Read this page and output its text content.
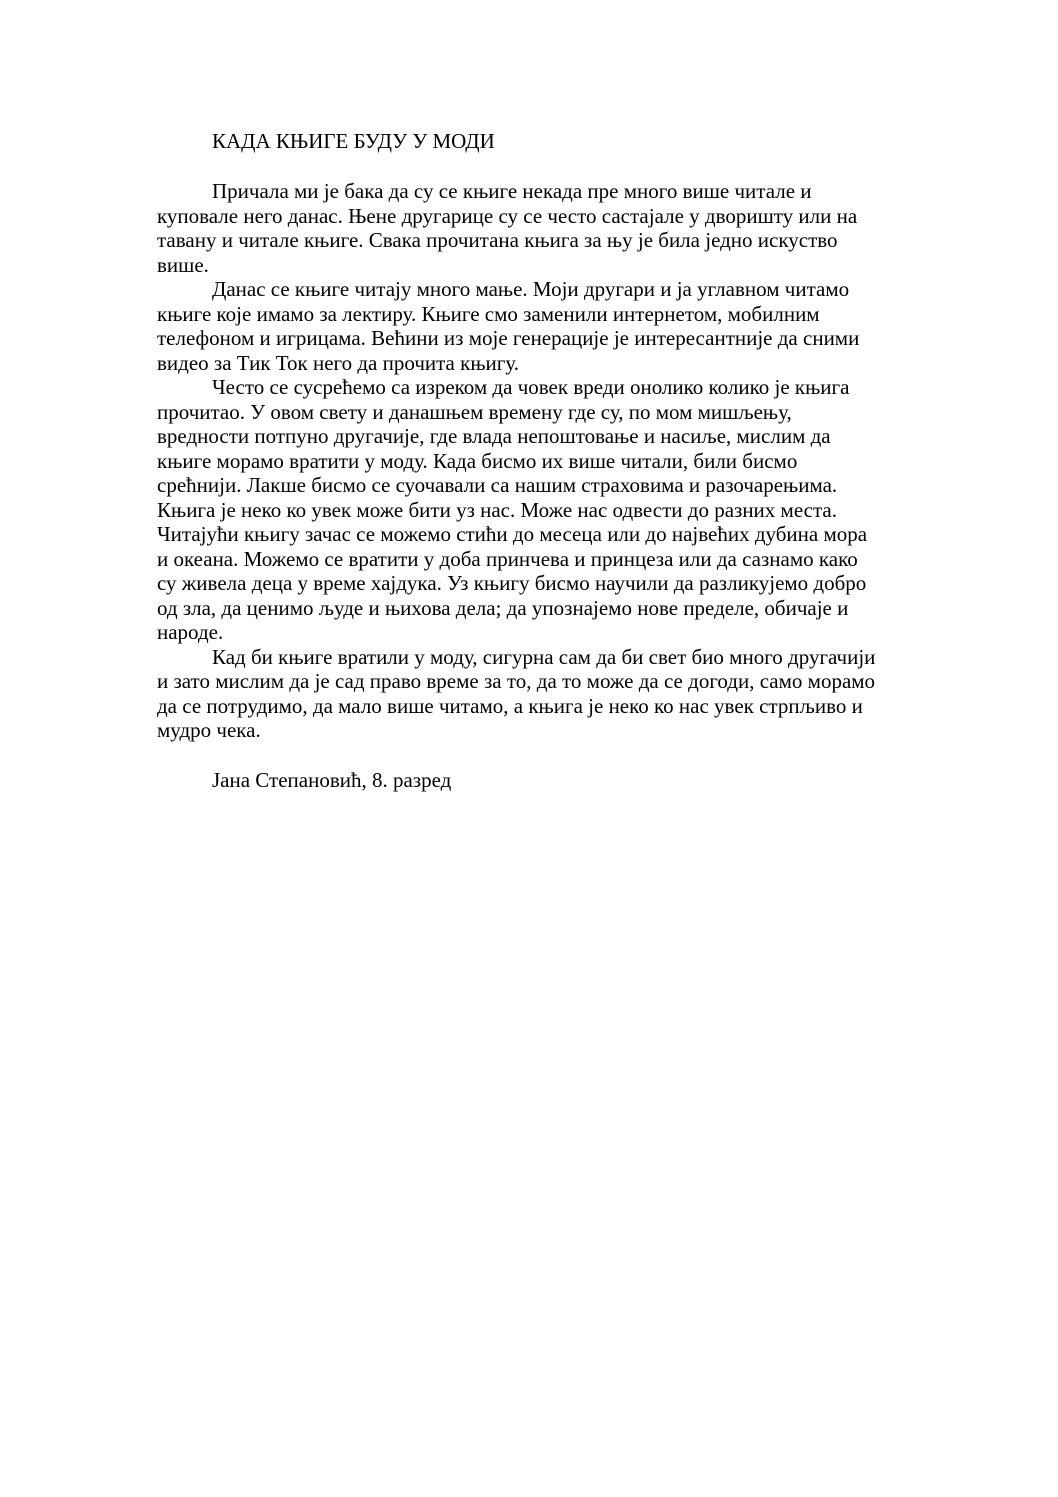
КАДА КЊИГЕ БУДУ У МОДИ
Причала ми је бака да су се књиге некада пре много више читале и
куповале него данас. Њене другарице су се често састајале у дворишту или на
тавану и читале књиге. Свака прочитана књига за њу је била једно искуство
више.
Данас се књиге читају много мање. Моји другари и ја углавном читамо
књиге које имамо за лектиру. Књиге смо заменили интернетом, мобилним
телефоном и игрицама. Већини из моје генерације је интересантније да сними
видео за Тик Ток него да прочита књигу.
Често се сусрећемо са изреком да човек вреди онолико колико је књига
прочитао. У овом свету и данашњем времену где су, по мом мишљењу,
вредности потпуно другачије, где влада непоштовање и насиље, мислим да
књиге морамо вратити у моду. Када бисмо их више читали, били бисмо
срећнији. Лакше бисмо се суочавали са нашим страховима и разочарењима.
Књига је неко ко увек може бити уз нас. Може нас одвести до разних места.
Читајући књигу зачас се можемо стићи до месеца или до највећих дубина мора
и океана. Можемо се вратити у доба принчева и принцеза или да сазнамо како
су живела деца у време хајдука. Уз књигу бисмо научили да разликујемо добро
од зла, да ценимо људе и њихова дела; да упознајемо нове пределе, обичаје и
народе.
Кад би књиге вратили у моду, сигурна сам да би свет био много другачији
и зато мислим да је сад право време за то, да то може да се догоди, само морамо
да се потрудимо, да мало више читамо, а књига је неко ко нас увек стрпљиво и
мудро чека.
Јана Степановић, 8. разред
